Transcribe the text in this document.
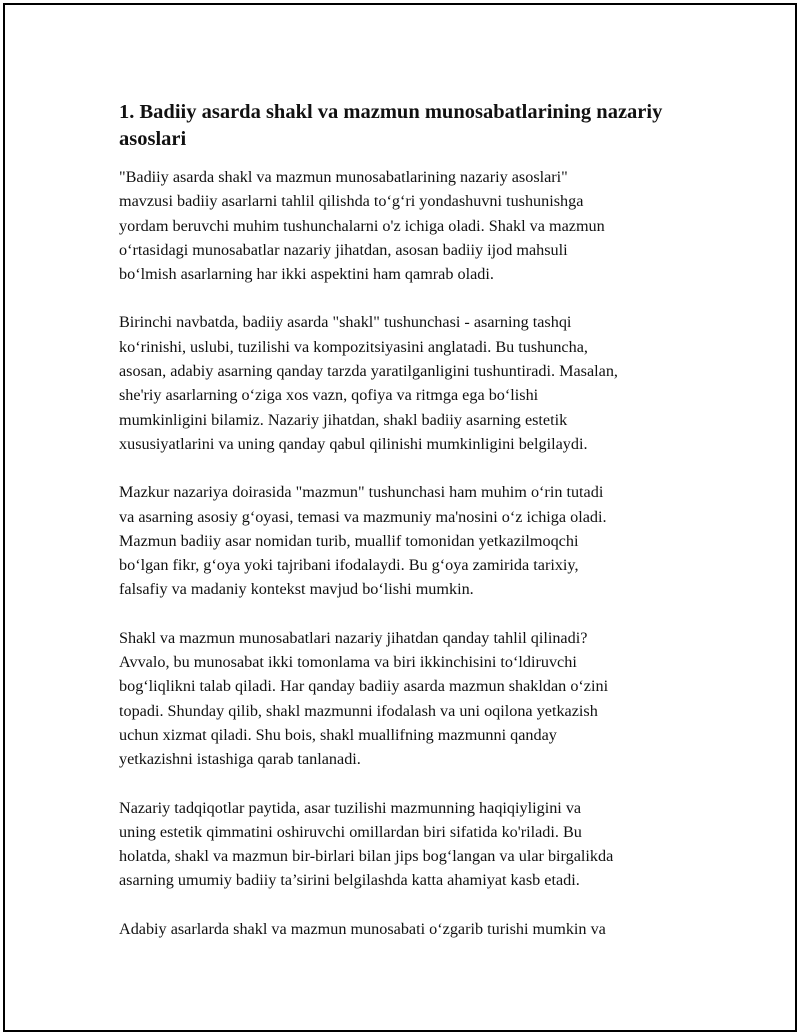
1. Badiiy asarda shakl va mazmun munosabatlarining nazariy
asoslari

"Badiiy asarda shakl va mazmun munosabatlarining nazariy asoslari"
mavzusi badiiy asarlarni tahlil qilishda to‘g‘ri yondashuvni tushunishga
yordam beruvchi muhim tushunchalarni o'z ichiga oladi. Shakl va mazmun
o‘rtasidagi munosabatlar nazariy jihatdan, asosan badiiy ijod mahsuli
bo‘lmish asarlarning har ikki aspektini ham qamrab oladi.

Birinchi navbatda, badiiy asarda "shakl" tushunchasi - asarning tashqi
ko‘rinishi, uslubi, tuzilishi va kompozitsiyasini anglatadi. Bu tushuncha,
asosan, adabiy asarning qanday tarzda yaratilganligini tushuntiradi. Masalan,
she'riy asarlarning o‘ziga xos vazn, qofiya va ritmga ega bo‘lishi
mumkinligini bilamiz. Nazariy jihatdan, shakl badiiy asarning estetik
xususiyatlarini va uning qanday qabul qilinishi mumkinligini belgilaydi.

Mazkur nazariya doirasida "mazmun" tushunchasi ham muhim o‘rin tutadi
va asarning asosiy g‘oyasi, temasi va mazmuniy ma'nosini o‘z ichiga oladi.
Mazmun badiiy asar nomidan turib, muallif tomonidan yetkazilmoqchi
bo‘lgan fikr, g‘oya yoki tajribani ifodalaydi. Bu g‘oya zamirida tarixiy,
falsafiy va madaniy kontekst mavjud bo‘lishi mumkin.

Shakl va mazmun munosabatlari nazariy jihatdan qanday tahlil qilinadi?
Avvalo, bu munosabat ikki tomonlama va biri ikkinchisini to‘ldiruvchi
bog‘liqlikni talab qiladi. Har qanday badiiy asarda mazmun shakldan o‘zini
topadi. Shunday qilib, shakl mazmunni ifodalash va uni oqilona yetkazish
uchun xizmat qiladi. Shu bois, shakl muallifning mazmunni qanday
yetkazishni istashiga qarab tanlanadi.

Nazariy tadqiqotlar paytida, asar tuzilishi mazmunning haqiqiyligini va
uning estetik qimmatini oshiruvchi omillardan biri sifatida ko'riladi. Bu
holatda, shakl va mazmun bir-birlari bilan jips bog‘langan va ular birgalikda
asarning umumiy badiiy ta’sirini belgilashda katta ahamiyat kasb etadi.

Adabiy asarlarda shakl va mazmun munosabati o‘zgarib turishi mumkin va
